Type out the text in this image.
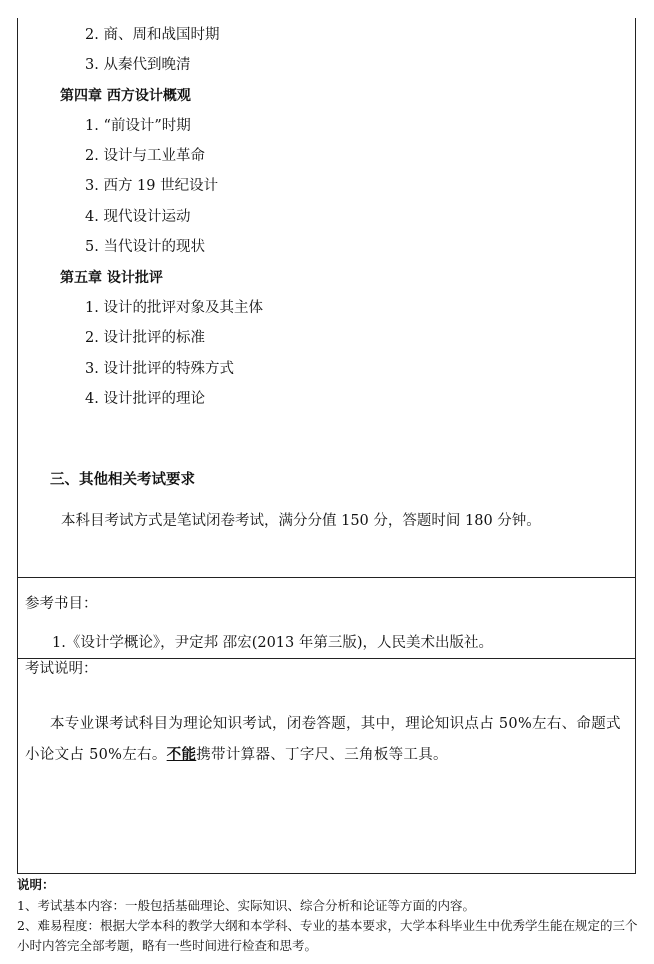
2. 商、周和战国时期
3. 从秦代到晚清
第四章 西方设计概观
1. “前设计”时期
2. 设计与工业革命
3. 西方 19 世纪设计
4. 现代设计运动
5. 当代设计的现状
第五章 设计批评
1. 设计的批评对象及其主体
2. 设计批评的标准
3. 设计批评的特殊方式
4. 设计批评的理论
三、其他相关考试要求
本科目考试方式是笔试闭卷考试，满分分值 150 分，答题时间 180 分钟。
参考书目：
1.《设计学概论》，尹定邦 邵宏(2013 年第三版)，人民美术出版社。
考试说明：
本专业课考试科目为理论知识考试，闭卷答题，其中，理论知识点占 50%左右、命题式小论文占 50%左右。不能携带计算器、丁字尺、三角板等工具。
说明：
1、考试基本内容：一般包括基础理论、实际知识、综合分析和论证等方面的内容。
2、难易程度：根据大学本科的教学大纲和本学科、专业的基本要求，大学本科毕业生中优秀学生能在规定的三个小时内答完全部考题，略有一些时间进行检查和思考。
